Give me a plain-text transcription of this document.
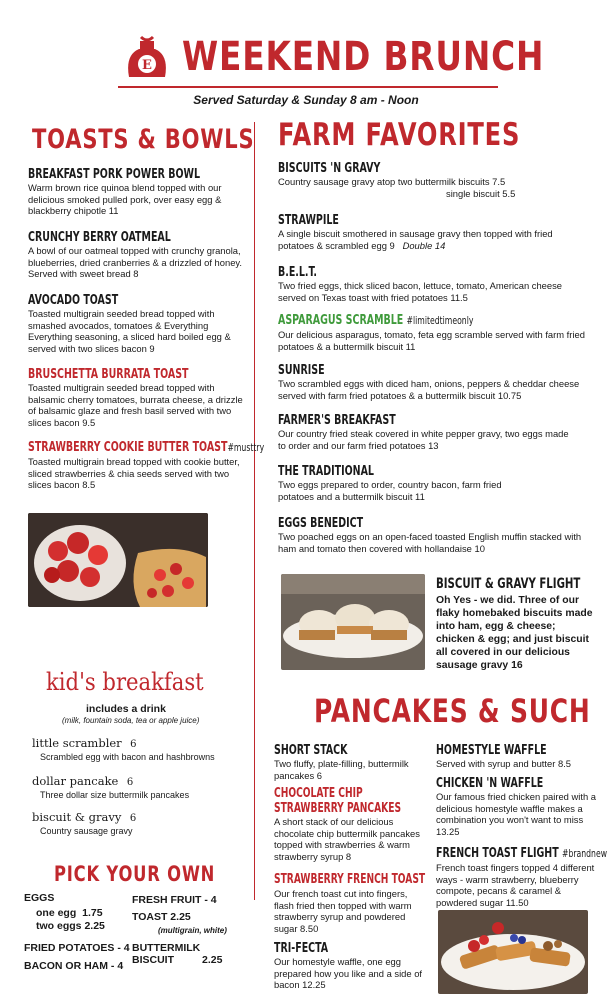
E WEEKEND BRUNCH
Served Saturday & Sunday 8 am - Noon
TOASTS & BOWLS
BREAKFAST PORK POWER BOWL
Warm brown rice quinoa blend topped with our delicious smoked pulled pork, over easy egg & blackberry chipotle 11
CRUNCHY BERRY OATMEAL
A bowl of our oatmeal topped with crunchy granola, blueberries, dried cranberries & a drizzled of honey. Served with sweet bread 8
AVOCADO TOAST
Toasted multigrain seeded bread topped with smashed avocados, tomatoes & Everything Everything seasoning, a sliced hard boiled egg & served with two slices bacon 9
BRUSCHETTA BURRATA TOAST
Toasted multigrain seeded bread topped with balsamic cherry tomatoes, burrata cheese, a drizzle of balsamic glaze and fresh basil served with two slices bacon 9.5
STRAWBERRY COOKIE BUTTER TOAST#musttry
Toasted multigrain bread topped with cookie butter, sliced strawberries & chia seeds served with two slices bacon 8.5
kid's breakfast
includes a drink
(milk, fountain soda, tea or apple juice)
little scrambler 6
Scrambled egg with bacon and hashbrowns
dollar pancake 6
Three dollar size buttermilk pancakes
biscuit & gravy 6
Country sausage gravy
PICK YOUR OWN
EGGS
one egg 1.75
two eggs 2.25
FRIED POTATOES - 4
BACON OR HAM - 4
FRESH FRUIT - 4
TOAST 2.25
(multigrain, white)
BUTTERMILK
BISCUIT	2.25
FARM FAVORITES
BISCUITS 'N GRAVY
Country sausage gravy atop two buttermilk biscuits 7.5
single biscuit 5.5
STRAWPILE
A single biscuit smothered in sausage gravy then topped with fried potatoes & scrambled egg 9 Double 14
B.E.L.T.
Two fried eggs, thick sliced bacon, lettuce, tomato, American cheese served on Texas toast with fried potatoes 11.5
ASPARAGUS SCRAMBLE #limitedtimeonly
Our delicious asparagus, tomato, feta egg scramble served with farm fried potatoes & a buttermilk biscuit 11
SUNRISE
Two scrambled eggs with diced ham, onions, peppers & cheddar cheese served with farm fried potatoes & a buttermilk biscuit 10.75
FARMER'S BREAKFAST
Our country fried steak covered in white pepper gravy, two eggs made to order and our farm fried potatoes 13
THE TRADITIONAL
Two eggs prepared to order, country bacon, farm fried potatoes and a buttermilk biscuit 11
EGGS BENEDICT
Two poached eggs on an open-faced toasted English muffin stacked with ham and tomato then covered with hollandaise 10
BISCUIT & GRAVY FLIGHT
Oh Yes - we did. Three of our flaky homebaked biscuits made into ham, egg & cheese; chicken & egg; and just biscuit all covered in our delicious sausage gravy 16
PANCAKES & SUCH
SHORT STACK
Two fluffy, plate-filling, buttermilk pancakes 6
CHOCOLATE CHIP STRAWBERRY PANCAKES
A short stack of our delicious chocolate chip buttermilk pancakes topped with strawberries & warm strawberry syrup 8
STRAWBERRY FRENCH TOAST
Our french toast cut into fingers, flash fried then topped with warm strawberry syrup and powdered sugar 8.50
TRI-FECTA
Our homestyle waffle, one egg prepared how you like and a side of bacon 12.25
HOMESTYLE WAFFLE
Served with syrup and butter 8.5
CHICKEN 'N WAFFLE
Our famous fried chicken paired with a delicious homestyle waffle makes a combination you won't want to miss 13.25
FRENCH TOAST FLIGHT #brandnew
French toast fingers topped 4 different ways - warm strawberry, blueberry compote, pecans & caramel & powdered sugar 11.50
